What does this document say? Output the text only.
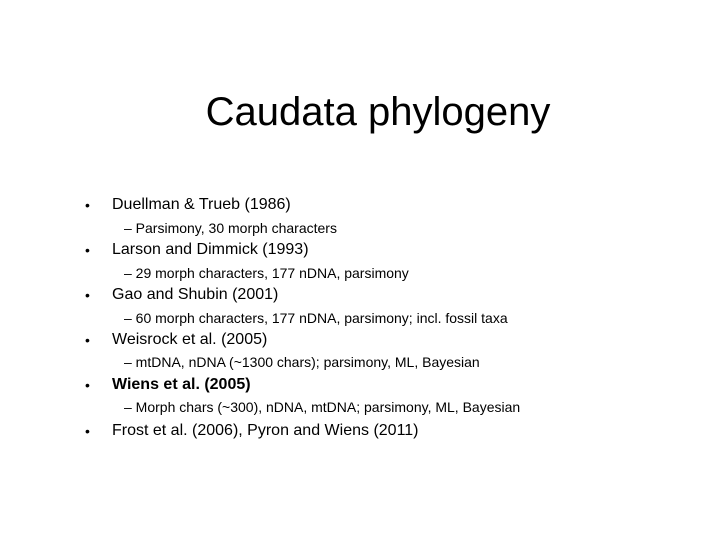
Caudata phylogeny
• Duellman & Trueb (1986)
– Parsimony, 30 morph characters
• Larson and Dimmick (1993)
– 29 morph characters, 177 nDNA, parsimony
• Gao and Shubin (2001)
– 60 morph characters, 177 nDNA, parsimony; incl. fossil taxa
• Weisrock et al. (2005)
– mtDNA, nDNA (~1300 chars); parsimony, ML, Bayesian
• Wiens et al. (2005)
– Morph chars (~300), nDNA, mtDNA; parsimony, ML, Bayesian
• Frost et al. (2006), Pyron and Wiens (2011)
